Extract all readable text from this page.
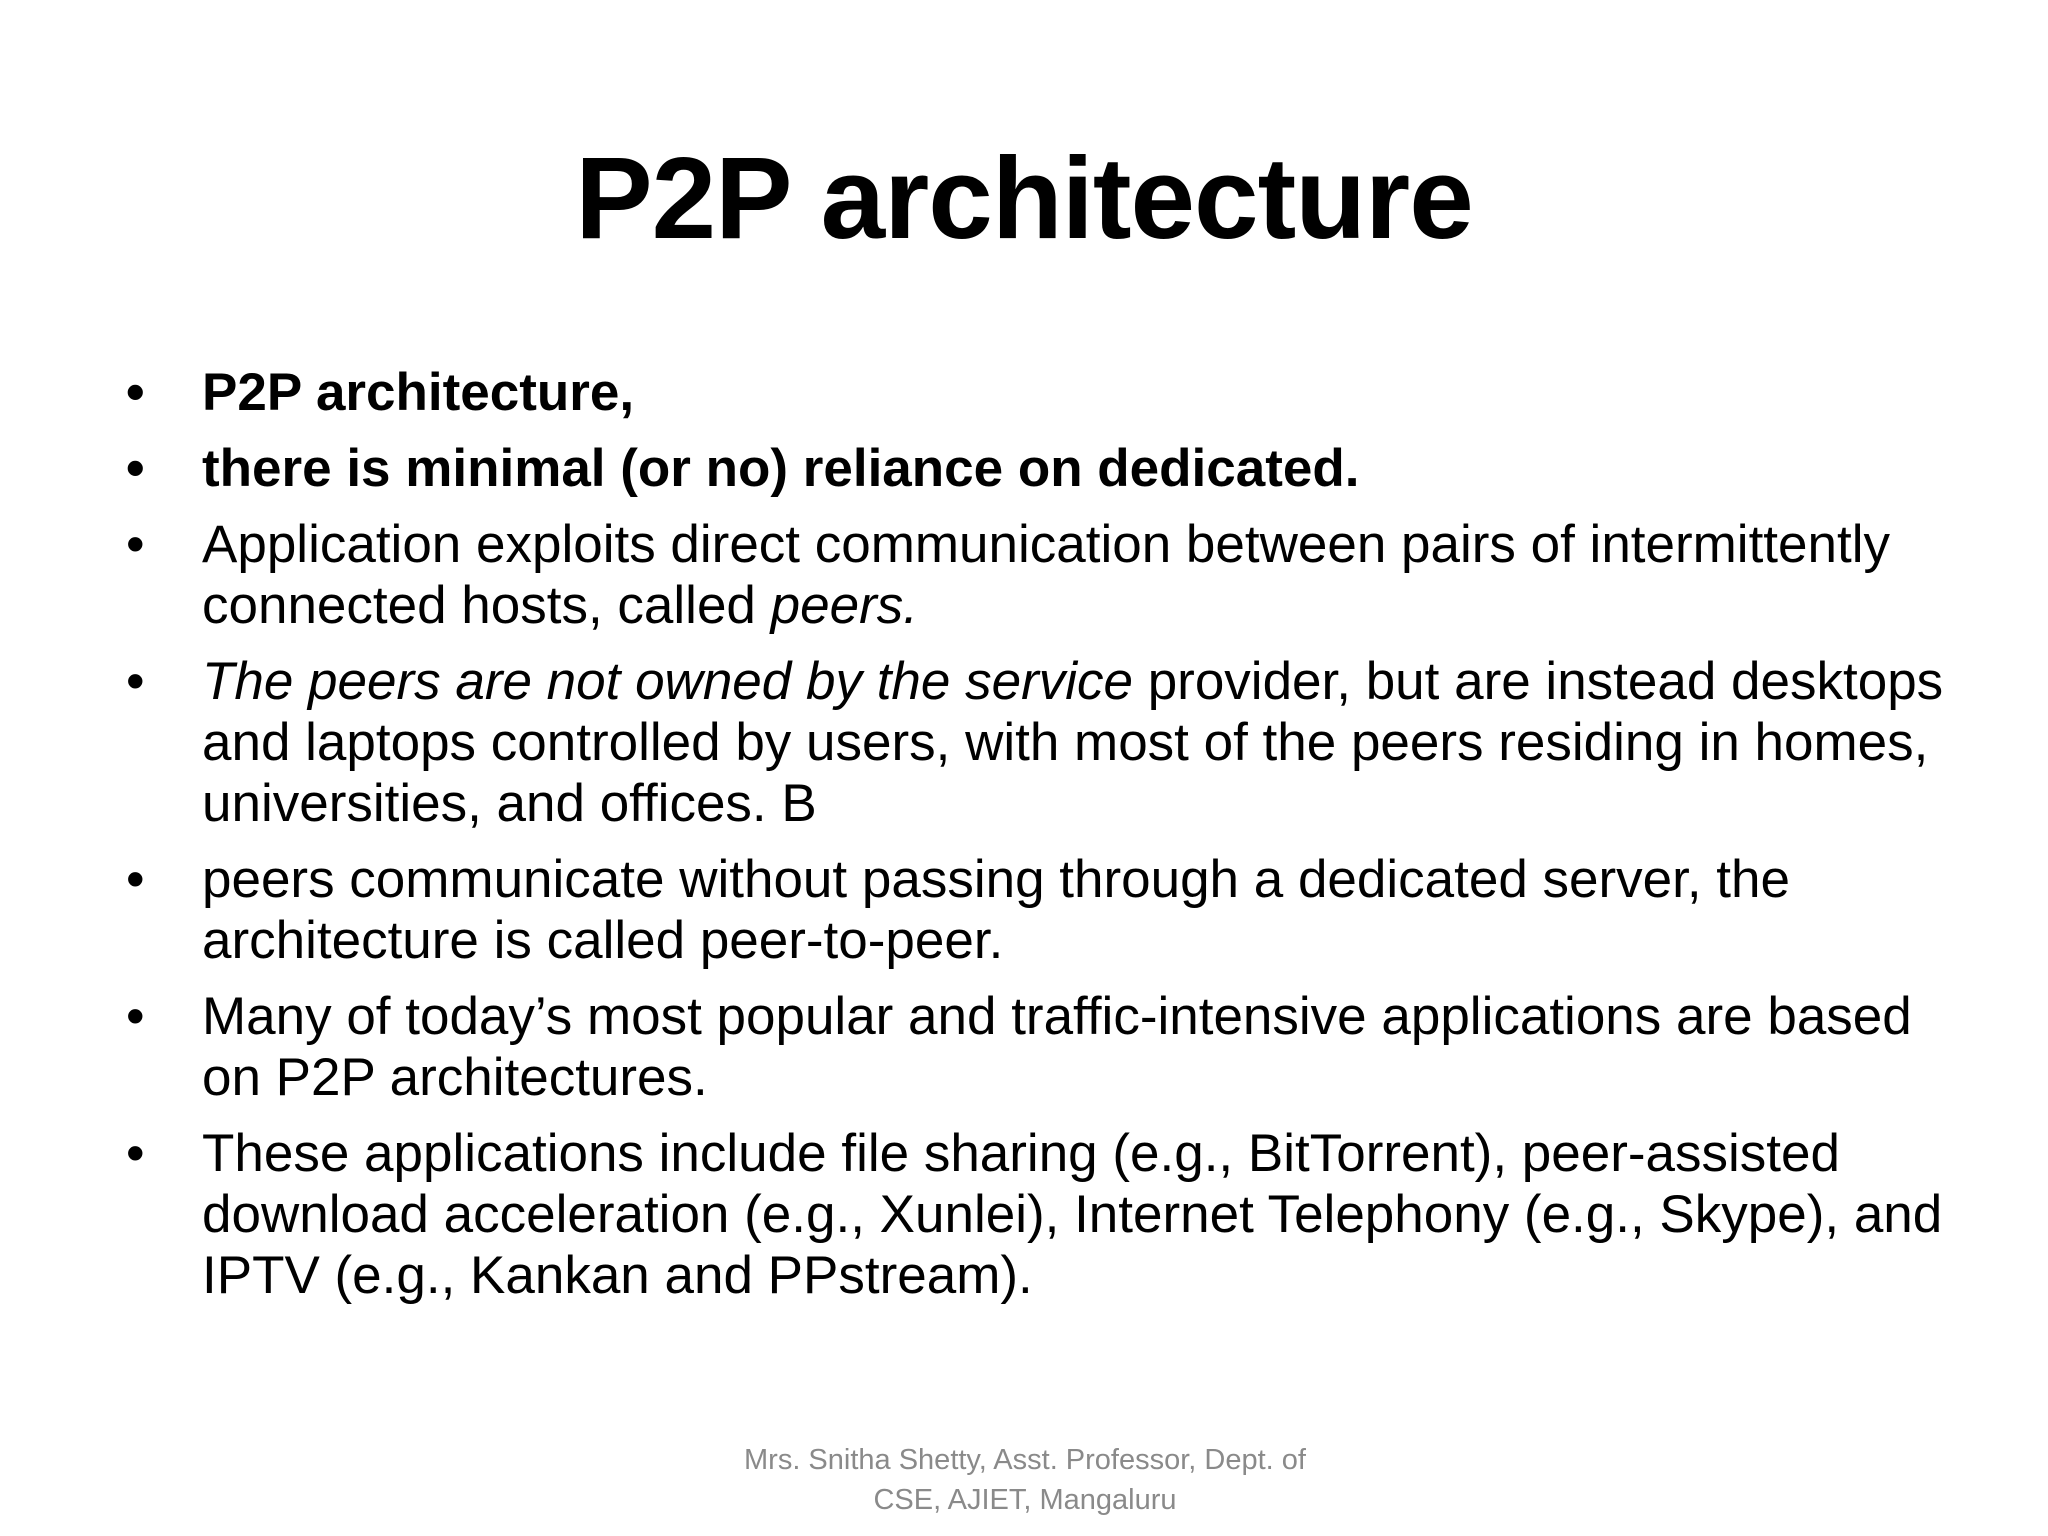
P2P architecture
• P2P architecture,
• there is minimal (or no) reliance on dedicated.
• Application exploits direct communication between pairs of intermittently connected hosts, called peers.
• The peers are not owned by the service provider, but are instead desktops and laptops controlled by users, with most of the peers residing in homes, universities, and offices. B
• peers communicate without passing through a dedicated server, the architecture is called peer-to-peer.
• Many of today’s most popular and traffic-intensive applications are based on P2P architectures.
• These applications include file sharing (e.g., BitTorrent), peer-assisted download acceleration (e.g., Xunlei), Internet Telephony (e.g., Skype), and IPTV (e.g., Kankan and PPstream).
Mrs. Snitha Shetty, Asst. Professor, Dept. of
CSE, AJIET, Mangaluru
